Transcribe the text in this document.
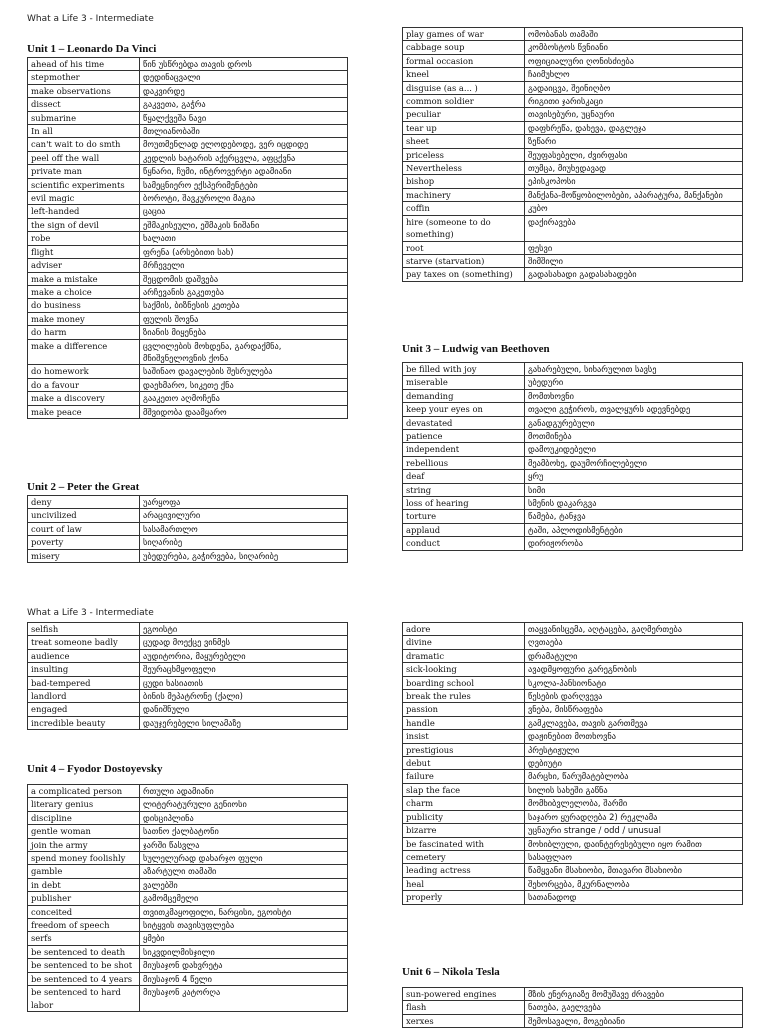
What a Life 3 - Intermediate
What a Life 3 - Intermediate
Unit 1 – Leonardo Da Vinci
ahead of his time	წინ უსწრებდა თავის დროს
stepmother	დედინაცვალი
make observations	დაკვირდე
dissect	გაკვეთა, გაჭრა
submarine	წყალქვეშა ნავი
In all	მთლიანობაში
can't wait to do smth	მოუთმენლად ელოდებოდე, ვერ იცდიდე
peel off the wall	კედლის ხატარის აქერცვლა, აფცქვნა
private man	წყნარი, ჩუმი, ინტროვერტი ადამიანი
scientific experiments	სამეცნიერო ექსპერიმენტები
evil magic	ბოროტი, შავკუროლი მაგია
left-handed	ცაცია
the sign of devil	ეშმაკისეული, ეშმაკის ნიშანი
robe	ხალათი
flight	ფრენა (არსებითი სახ)
adviser	მრჩეველი
make a mistake	შეცდომის დაშვება
make a choice	არჩევანის გაკეთება
do business	საქმის, ბიზნესის კეთება
make money	ფულის შოვნა
do harm	ზიანის მიყენება
make a difference	ცვლილების მოხდენა, გარდაქმნა, მნიშვნელოვნის ქონა
do homework	საშინაო დავალების შესრულება
do a favour	დაეხმარო, სიკეთე ქნა
make a discovery	გააკეთო აღმოჩენა
make peace	მშვიდობა დაამყარო
Unit 2 – Peter the Great
deny	უარყოფა
uncivilized	არაცივილური
court of law	სასამართლო
poverty	სიღარიბე
misery	უბედურება, გაჭირვება, სიღარიბე
play games of war	ომობანას თამაში
cabbage soup	კომბოსტოს წვნიანი
formal occasion	ოფიციალური ღონისძიება
kneel	ჩაიმუხლო
disguise (as a... )	გადაიცვა, შეინიღბო
common soldier	რიგითი ჯარისკაცი
peculiar	თავისებური, უცნაური
tear up	დაფხრეწა, დახევა, დაგლეჯა
sheet	ზეწარი
priceless	შეუფასებელი, ძვირფასი
Nevertheless	თუმცა, მიუხედავად
bishop	ეპისკოპოსი
machinery	მანქანა-მოწყობილობები, აპარატურა, მანქანები
coffin	კუბო
hire (someone to do something)	დაქირავება
root	ფესვი
starve (starvation)	შიმშილი
pay taxes on (something)	გადასახადი გადასახადები
Unit 3 – Ludwig van Beethoven
be filled with joy	გახარებული, სიხარულით სავსე
miserable	უბედური
demanding	მომთხოვნი
keep your eyes on	თვალი გეჭიროს, თვალყურს ადევნებდე
devastated	განადგურებული
patience	მოთმინება
independent	დამოუკიდებელი
rebellious	მეამბოხე, დაუმორჩილებელი
deaf	ყრუ
string	სიმი
loss of hearing	სმენის დაკარგვა
torture	წამება, ტანჯვა
applaud	ტაში, აპლოდისმენტები
conduct	დირიჟორობა
selfish	ეგოისტი
treat someone badly	ცუდად მოექცე ვინმეს
audience	აუდიტორია, მაყურებელი
insulting	შეურაცხმყოფელი
bad-tempered	ცუდი ხასიათის
landlord	ბინის მეპატრონე (ქალი)
engaged	დანიშნული
incredible beauty	დაუჯერებელი სილამაზე
Unit 4 – Fyodor Dostoyevsky
a complicated person	რთული ადამიანი
literary genius	ლიტერატურული გენიოსი
discipline	დისციპლინა
gentle woman	სათნო ქალბატონი
join the army	ჯარში წასვლა
spend money foolishly	სულელურად დახარჯო ფული
gamble	აზარტული თამაში
in debt	ვალებში
publisher	გამომცემელი
conceited	თვითკმაყოფილი, ნარცისი, ეგოისტი
freedom of speech	სიტყვის თავისუფლება
serfs	ყმები
be sentenced to death	სიკვდილმისჯილი
be sentenced to be shot	მიუსაჯონ დახვრეტა
be sentenced to 4 years	მიუსაჯონ 4 წელი
be sentenced to hard labor	მიუსაჯონ კატორღა
adore	თაყვანისცემა, აღტაცება, გაღმერთება
divine	ღვთაება
dramatic	დრამატული
sick-looking	ავადმყოფური გარეგნობის
boarding school	სკოლა-პანსიონატი
break the rules	წესების დარღვევა
passion	ვნება, მისწრაფება
handle	გამკლავება, თავის გართმევა
insist	დაჟინებით მოთხოვნა
prestigious	პრესტიჟული
debut	დებიუტი
failure	მარცხი, წარუმატებლობა
slap the face	სილის სახეში გაწნა
charm	მომხიბვლელობა, შარმი
publicity	საჯარო ყურადღება 2) რეკლამა
bizarre	უცნაური strange / odd / unusual
be fascinated with	მოხიბლული, დაინტერესებული იყო რამით
cemetery	სასაფლაო
leading actress	წამყვანი მსახიობი, მთავარი მსახიობი
heal	შეხორცება, მკურნალობა
properly	სათანადოდ
Unit 6 – Nikola Tesla
sun-powered engines	მზის ენერგიაზე მომუშავე ძრავები
flash	ნათება, გაელვება
xerxes	შემოსავალი, მოგებიანი
